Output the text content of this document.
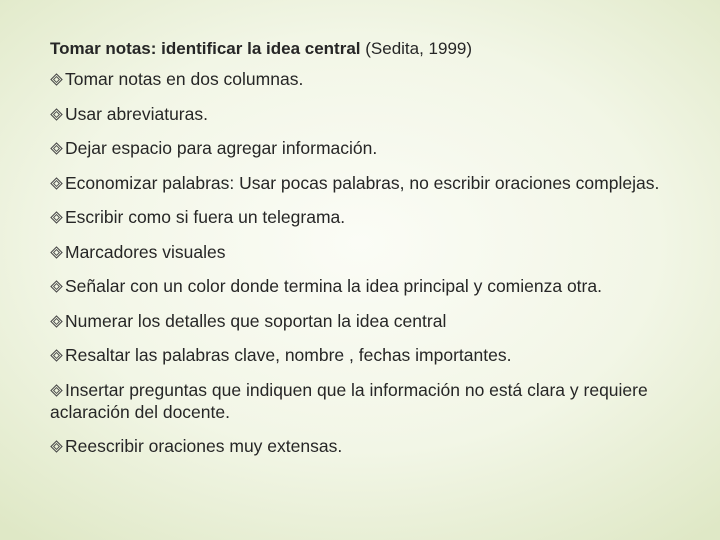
Tomar notas: identificar la idea central (Sedita, 1999)
Tomar notas en dos columnas.
Usar abreviaturas.
Dejar espacio para agregar información.
Economizar palabras: Usar pocas palabras, no escribir oraciones complejas.
Escribir como si fuera un telegrama.
Marcadores visuales
Señalar con un color donde termina la idea principal y comienza otra.
Numerar los detalles que soportan la idea central
Resaltar las palabras clave, nombre , fechas importantes.
Insertar preguntas que indiquen que la información no está clara y requiere aclaración del docente.
Reescribir oraciones muy extensas.
